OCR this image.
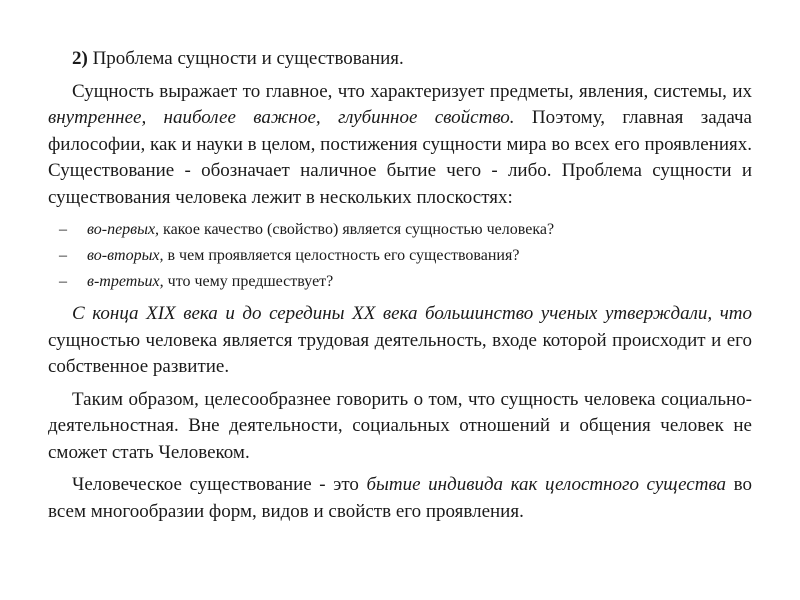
2) Проблема сущности и существования.

Сущность выражает то главное, что характеризует предметы, явления, системы, их внутреннее, наиболее важное, глубинное свойство. Поэтому, главная задача философии, как и науки в целом, постижения сущности мира во всех его проявлениях. Существование - обозначает наличное бытие чего - либо. Проблема сущности и существования человека лежит в нескольких плоскостях:

– во-первых, какое качество (свойство) является сущностью человека?
– во-вторых, в чем проявляется целостность его существования?
– в-третьих, что чему предшествует?

С конца XIX века и до середины XX века большинство ученых утверждали, что сущностью человека является трудовая деятельность, входе которой происходит и его собственное развитие.

Таким образом, целесообразнее говорить о том, что сущность человека социально-деятельностная. Вне деятельности, социальных отношений и общения человек не сможет стать Человеком.

Человеческое существование - это бытие индивида как целостного существа во всем многообразии форм, видов и свойств его проявления.
